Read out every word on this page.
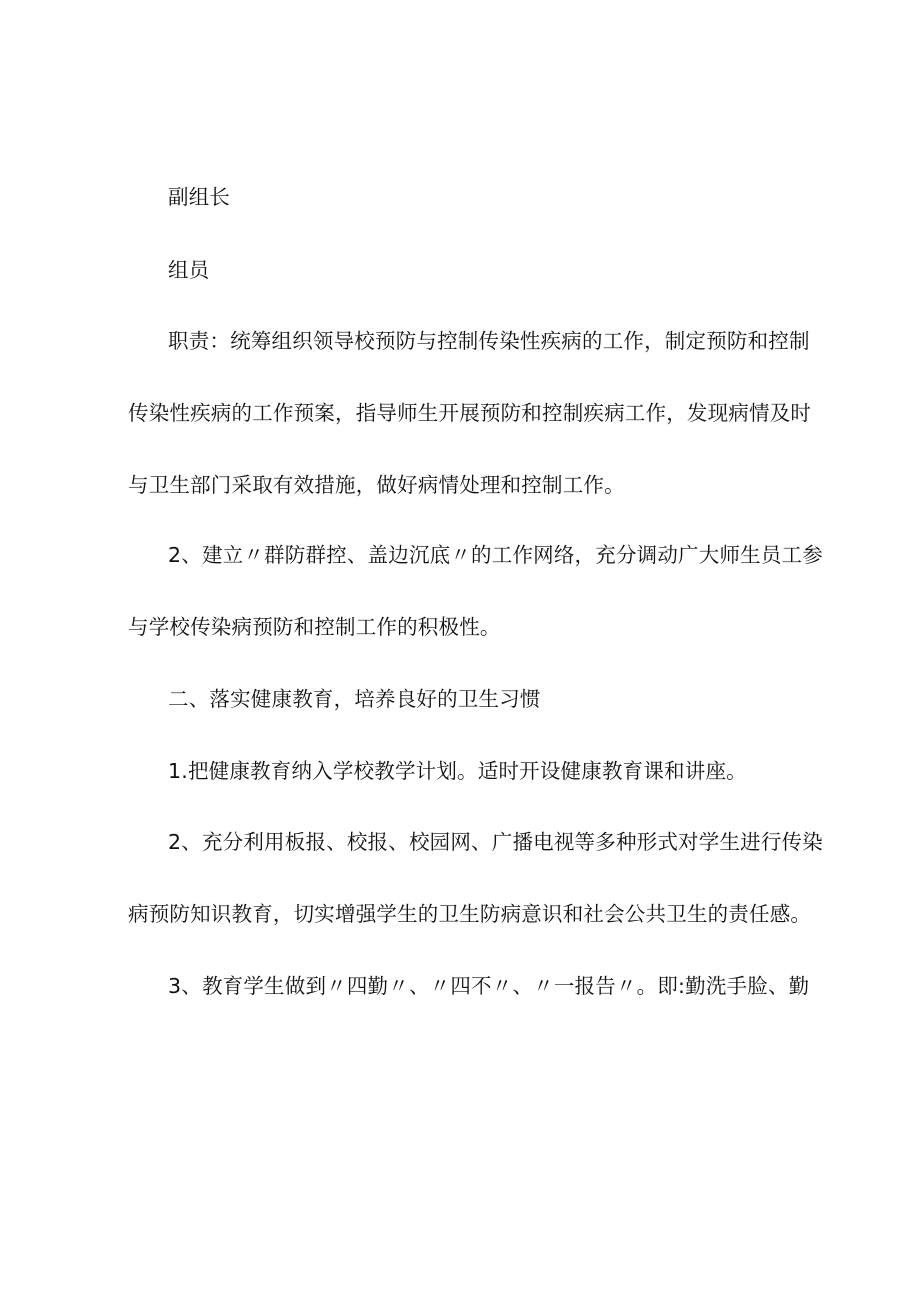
副组长
组员
职责：统筹组织领导校预防与控制传染性疾病的工作，制定预防和控制
传染性疾病的工作预案，指导师生开展预防和控制疾病工作，发现病情及时
与卫生部门采取有效措施，做好病情处理和控制工作。
2、建立〃群防群控、盖边沉底〃的工作网络，充分调动广大师生员工参
与学校传染病预防和控制工作的积极性。
二、落实健康教育，培养良好的卫生习惯
1.把健康教育纳入学校教学计划。适时开设健康教育课和讲座。
2、充分利用板报、校报、校园网、广播电视等多种形式对学生进行传染
病预防知识教育，切实增强学生的卫生防病意识和社会公共卫生的责任感。
3、教育学生做到〃四勤〃、〃四不〃、〃一报告〃。即:勤洗手脸、勤
